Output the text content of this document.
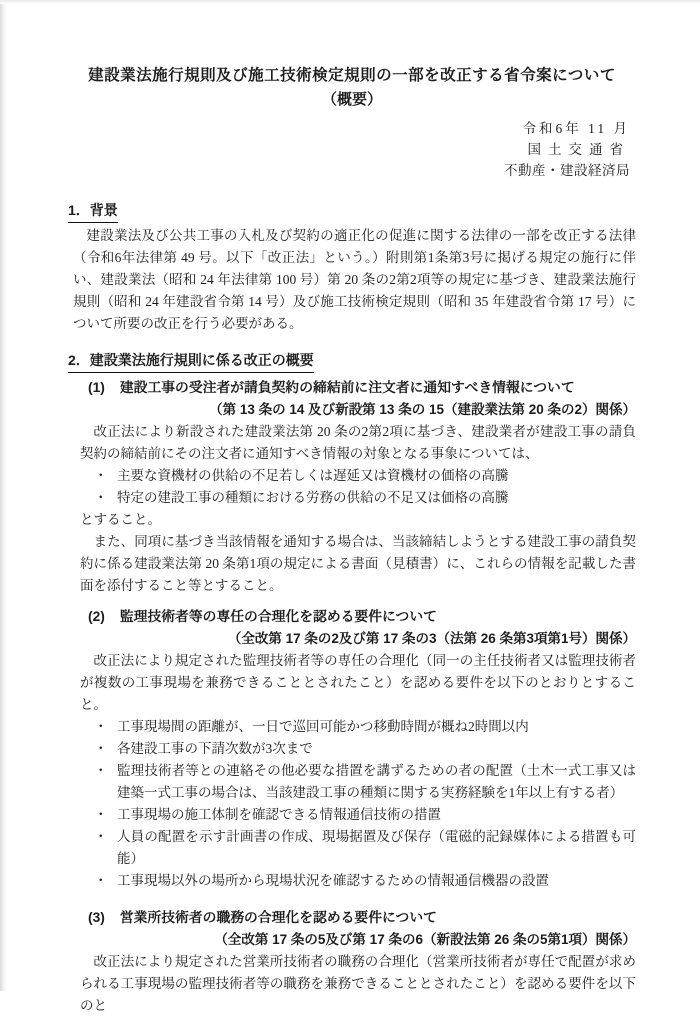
建設業法施行規則及び施工技術検定規則の一部を改正する省令案について
（概要）
令和6年 11 月
国土交通省
不動産・建設経済局
1．背景
建設業法及び公共工事の入札及び契約の適正化の促進に関する法律の一部を改正する法律（令和6年法律第 49 号。以下「改正法」という。）附則第1条第3号に掲げる規定の施行に伴い、建設業法（昭和 24 年法律第 100 号）第 20 条の2第2項等の規定に基づき、建設業法施行規則（昭和 24 年建設省令第 14 号）及び施工技術検定規則（昭和 35 年建設省令第 17 号）について所要の改正を行う必要がある。
2．建設業法施行規則に係る改正の概要
(1) 建設工事の受注者が請負契約の締結前に注文者に通知すべき情報について
（第 13 条の 14 及び新設第 13 条の 15（建設業法第 20 条の2）関係）
改正法により新設された建設業法第 20 条の2第2項に基づき、建設業者が建設工事の請負契約の締結前にその注文者に通知すべき情報の対象となる事象については、
・ 主要な資機材の供給の不足若しくは遅延又は資機材の価格の高騰
・ 特定の建設工事の種類における労務の供給の不足又は価格の高騰
とすること。
また、同項に基づき当該情報を通知する場合は、当該締結しようとする建設工事の請負契約に係る建設業法第 20 条第1項の規定による書面（見積書）に、これらの情報を記載した書面を添付すること等とすること。
(2) 監理技術者等の専任の合理化を認める要件について
（全改第 17 条の2及び第 17 条の3（法第 26 条第3項第1号）関係）
改正法により規定された監理技術者等の専任の合理化（同一の主任技術者又は監理技術者が複数の工事現場を兼務できることとされたこと）を認める要件を以下のとおりとすること。
・ 工事現場間の距離が、一日で巡回可能かつ移動時間が概ね2時間以内
・ 各建設工事の下請次数が3次まで
・ 監理技術者等との連絡その他必要な措置を講ずるための者の配置（土木一式工事又は建築一式工事の場合は、当該建設工事の種類に関する実務経験を1年以上有する者）
・ 工事現場の施工体制を確認できる情報通信技術の措置
・ 人員の配置を示す計画書の作成、現場据置及び保存（電磁的記録媒体による措置も可能）
・ 工事現場以外の場所から現場状況を確認するための情報通信機器の設置
(3) 営業所技術者の職務の合理化を認める要件について
（全改第 17 条の5及び第 17 条の6（新設法第 26 条の5第1項）関係）
改正法により規定された営業所技術者の職務の合理化（営業所技術者が専任で配置が求められる工事現場の監理技術者等の職務を兼務できることとされたこと）を認める要件を以下のと
